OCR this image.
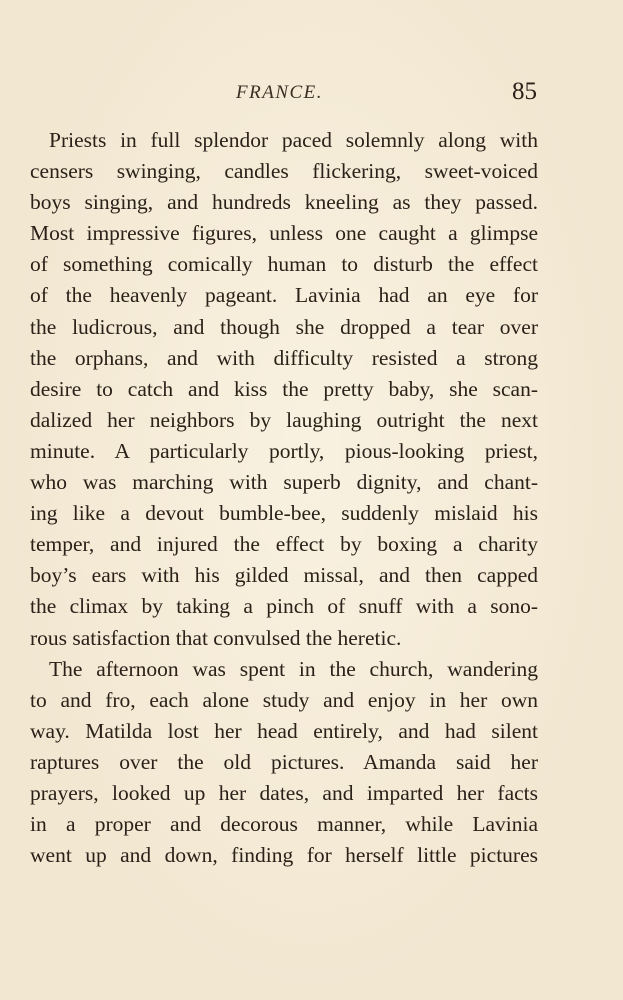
FRANCE.	85
Priests in full splendor paced solemnly along with
censers swinging, candles flickering, sweet-voiced
boys singing, and hundreds kneeling as they passed.
Most impressive figures, unless one caught a glimpse
of something comically human to disturb the effect
of the heavenly pageant. Lavinia had an eye for
the ludicrous, and though she dropped a tear over
the orphans, and with difficulty resisted a strong
desire to catch and kiss the pretty baby, she scan-
dalized her neighbors by laughing outright the next
minute. A particularly portly, pious-looking priest,
who was marching with superb dignity, and chant-
ing like a devout bumble-bee, suddenly mislaid his
temper, and injured the effect by boxing a charity
boy’s ears with his gilded missal, and then capped
the climax by taking a pinch of snuff with a sono-
rous satisfaction that convulsed the heretic.
The afternoon was spent in the church, wandering
to and fro, each alone study and enjoy in her own
way. Matilda lost her head entirely, and had silent
raptures over the old pictures. Amanda said her
prayers, looked up her dates, and imparted her facts
in a proper and decorous manner, while Lavinia
went up and down, finding for herself little pictures
